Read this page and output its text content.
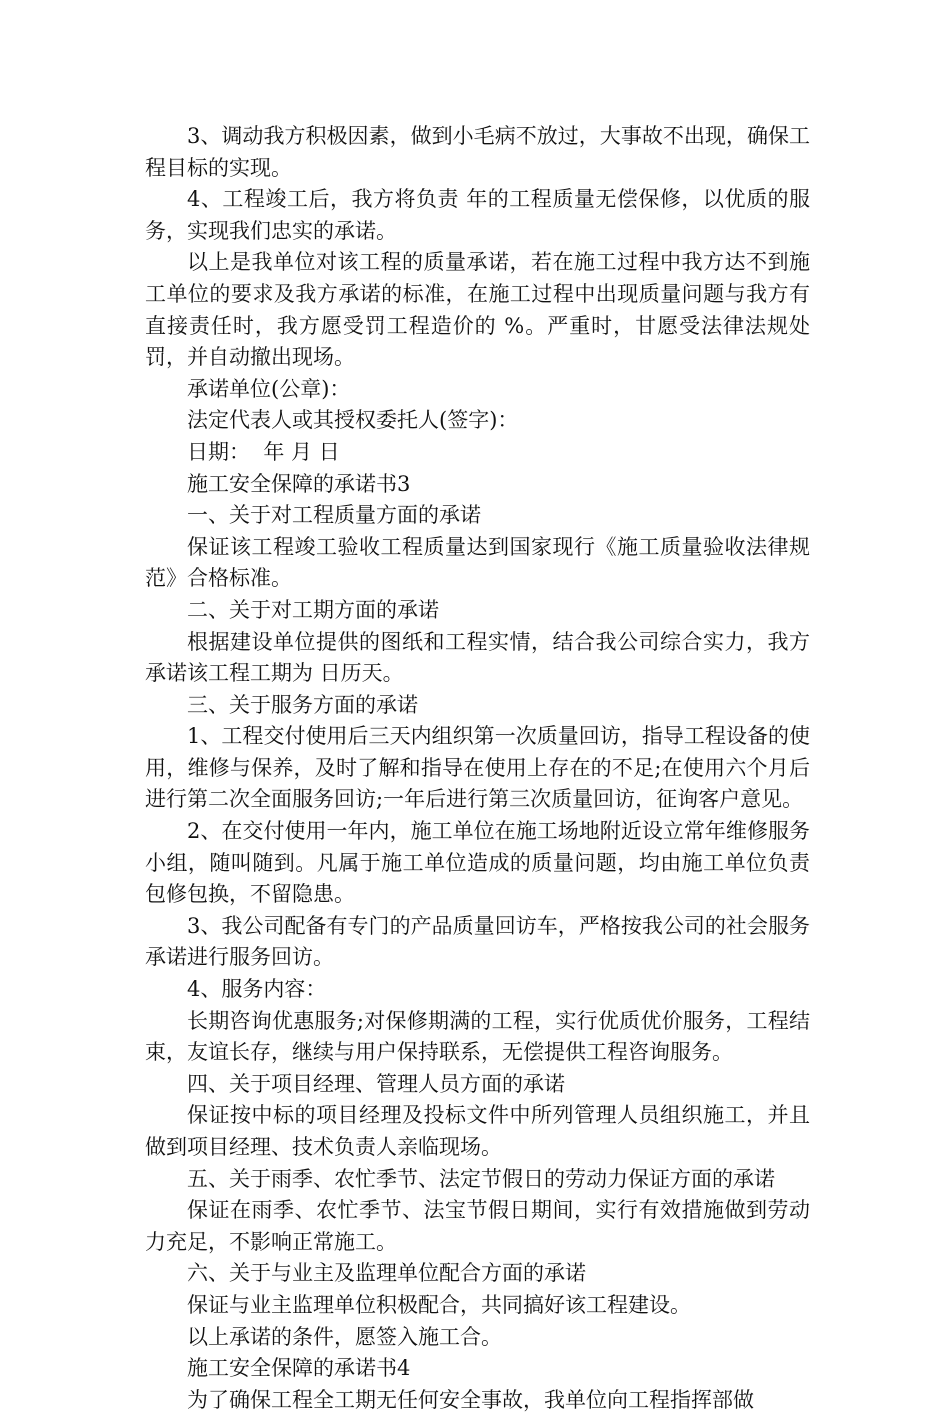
3、调动我方积极因素，做到小毛病不放过，大事故不出现，确保工程目标的实现。

4、工程竣工后，我方将负责 年的工程质量无偿保修，以优质的服务，实现我们忠实的承诺。

以上是我单位对该工程的质量承诺，若在施工过程中我方达不到施工单位的要求及我方承诺的标准，在施工过程中出现质量问题与我方有直接责任时，我方愿受罚工程造价的 %。严重时，甘愿受法律法规处罚，并自动撤出现场。

承诺单位(公章)：

法定代表人或其授权委托人(签字)：

日期：  年 月 日

施工安全保障的承诺书3

一、关于对工程质量方面的承诺

保证该工程竣工验收工程质量达到国家现行《施工质量验收法律规范》合格标准。

二、关于对工期方面的承诺

根据建设单位提供的图纸和工程实情，结合我公司综合实力，我方承诺该工程工期为 日历天。

三、关于服务方面的承诺

1、工程交付使用后三天内组织第一次质量回访，指导工程设备的使用，维修与保养，及时了解和指导在使用上存在的不足;在使用六个月后进行第二次全面服务回访;一年后进行第三次质量回访，征询客户意见。

2、在交付使用一年内，施工单位在施工场地附近设立常年维修服务小组，随叫随到。凡属于施工单位造成的质量问题，均由施工单位负责包修包换，不留隐患。

3、我公司配备有专门的产品质量回访车，严格按我公司的社会服务承诺进行服务回访。

4、服务内容：

长期咨询优惠服务;对保修期满的工程，实行优质优价服务，工程结束，友谊长存，继续与用户保持联系，无偿提供工程咨询服务。

四、关于项目经理、管理人员方面的承诺

保证按中标的项目经理及投标文件中所列管理人员组织施工，并且做到项目经理、技术负责人亲临现场。

五、关于雨季、农忙季节、法定节假日的劳动力保证方面的承诺

保证在雨季、农忙季节、法宝节假日期间，实行有效措施做到劳动力充足，不影响正常施工。

六、关于与业主及监理单位配合方面的承诺

保证与业主监理单位积极配合，共同搞好该工程建设。

以上承诺的条件，愿签入施工合。

施工安全保障的承诺书4

为了确保工程全工期无任何安全事故，我单位向工程指挥部做
